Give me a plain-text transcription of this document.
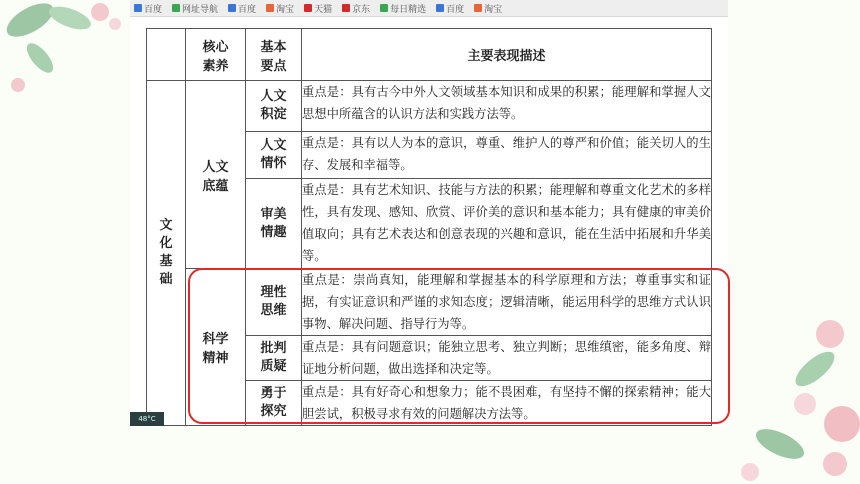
百度 网址导航 百度 淘宝 天猫 京东 每日精选 百度 淘宝

	核心素养	基本要点	主要表现描述
文化基础	人文底蕴	人文积淀	重点是：具有古今中外人文领域基本知识和成果的积累；能理解和掌握人文思想中所蕴含的认识方法和实践方法等。

		人文情怀	重点是：具有以人为本的意识，尊重、维护人的尊严和价值；能关切人的生存、发展和幸福等。

		审美情趣	重点是：具有艺术知识、技能与方法的积累；能理解和尊重文化艺术的多样性，具有发现、感知、欣赏、评价美的意识和基本能力；具有健康的审美价值取向；具有艺术表达和创意表现的兴趣和意识，能在生活中拓展和升华美等。

	科学精神	理性思维	重点是：崇尚真知，能理解和掌握基本的科学原理和方法；尊重事实和证据，有实证意识和严谨的求知态度；逻辑清晰，能运用科学的思维方式认识事物、解决问题、指导行为等。

		批判质疑	重点是：具有问题意识；能独立思考、独立判断；思维缜密，能多角度、辩证地分析问题，做出选择和决定等。

		勇于探究	重点是：具有好奇心和想象力；能不畏困难，有坚持不懈的探索精神；能大胆尝试，积极寻求有效的问题解决方法等。
48°C
